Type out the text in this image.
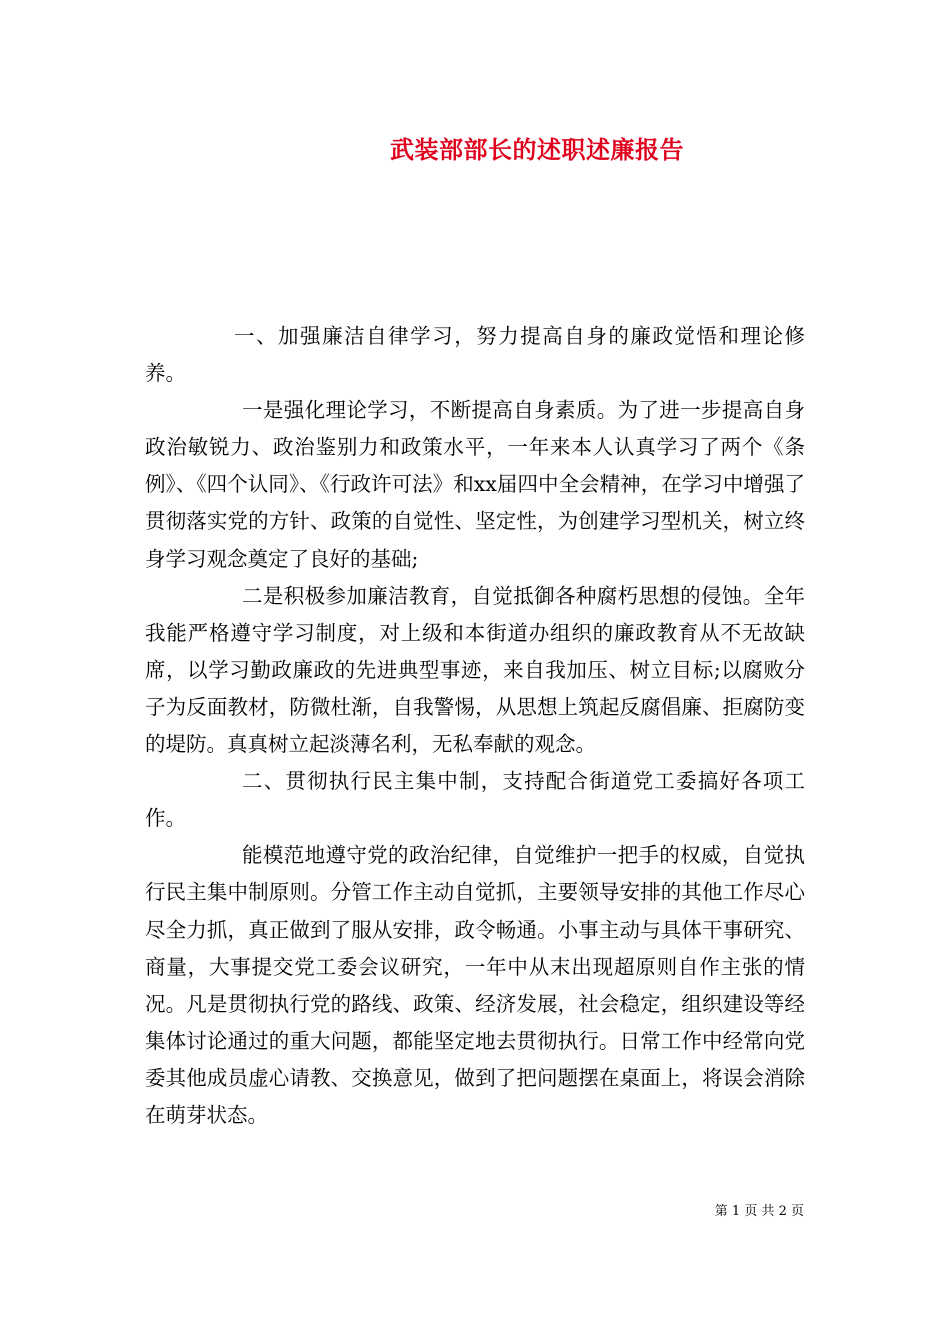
武装部部长的述职述廉报告

一、加强廉洁自律学习，努力提高自身的廉政觉悟和理论修养。

一是强化理论学习，不断提高自身素质。为了进一步提高自身政治敏锐力、政治鉴别力和政策水平，一年来本人认真学习了两个《条例》、《四个认同》、《行政许可法》和xx届四中全会精神，在学习中增强了贯彻落实党的方针、政策的自觉性、坚定性，为创建学习型机关，树立终身学习观念奠定了良好的基础;

二是积极参加廉洁教育，自觉抵御各种腐朽思想的侵蚀。全年我能严格遵守学习制度，对上级和本街道办组织的廉政教育从不无故缺席，以学习勤政廉政的先进典型事迹，来自我加压、树立目标;以腐败分子为反面教材，防微杜渐，自我警惕，从思想上筑起反腐倡廉、拒腐防变的堤防。真真树立起淡薄名利，无私奉献的观念。

二、贯彻执行民主集中制，支持配合街道党工委搞好各项工作。

能模范地遵守党的政治纪律，自觉维护一把手的权威，自觉执行民主集中制原则。分管工作主动自觉抓，主要领导安排的其他工作尽心尽全力抓，真正做到了服从安排，政令畅通。小事主动与具体干事研究、商量，大事提交党工委会议研究，一年中从末出现超原则自作主张的情况。凡是贯彻执行党的路线、政策、经济发展，社会稳定，组织建设等经集体讨论通过的重大问题，都能坚定地去贯彻执行。日常工作中经常向党委其他成员虚心请教、交换意见，做到了把问题摆在桌面上，将误会消除在萌芽状态。

第 1 页 共 2 页
